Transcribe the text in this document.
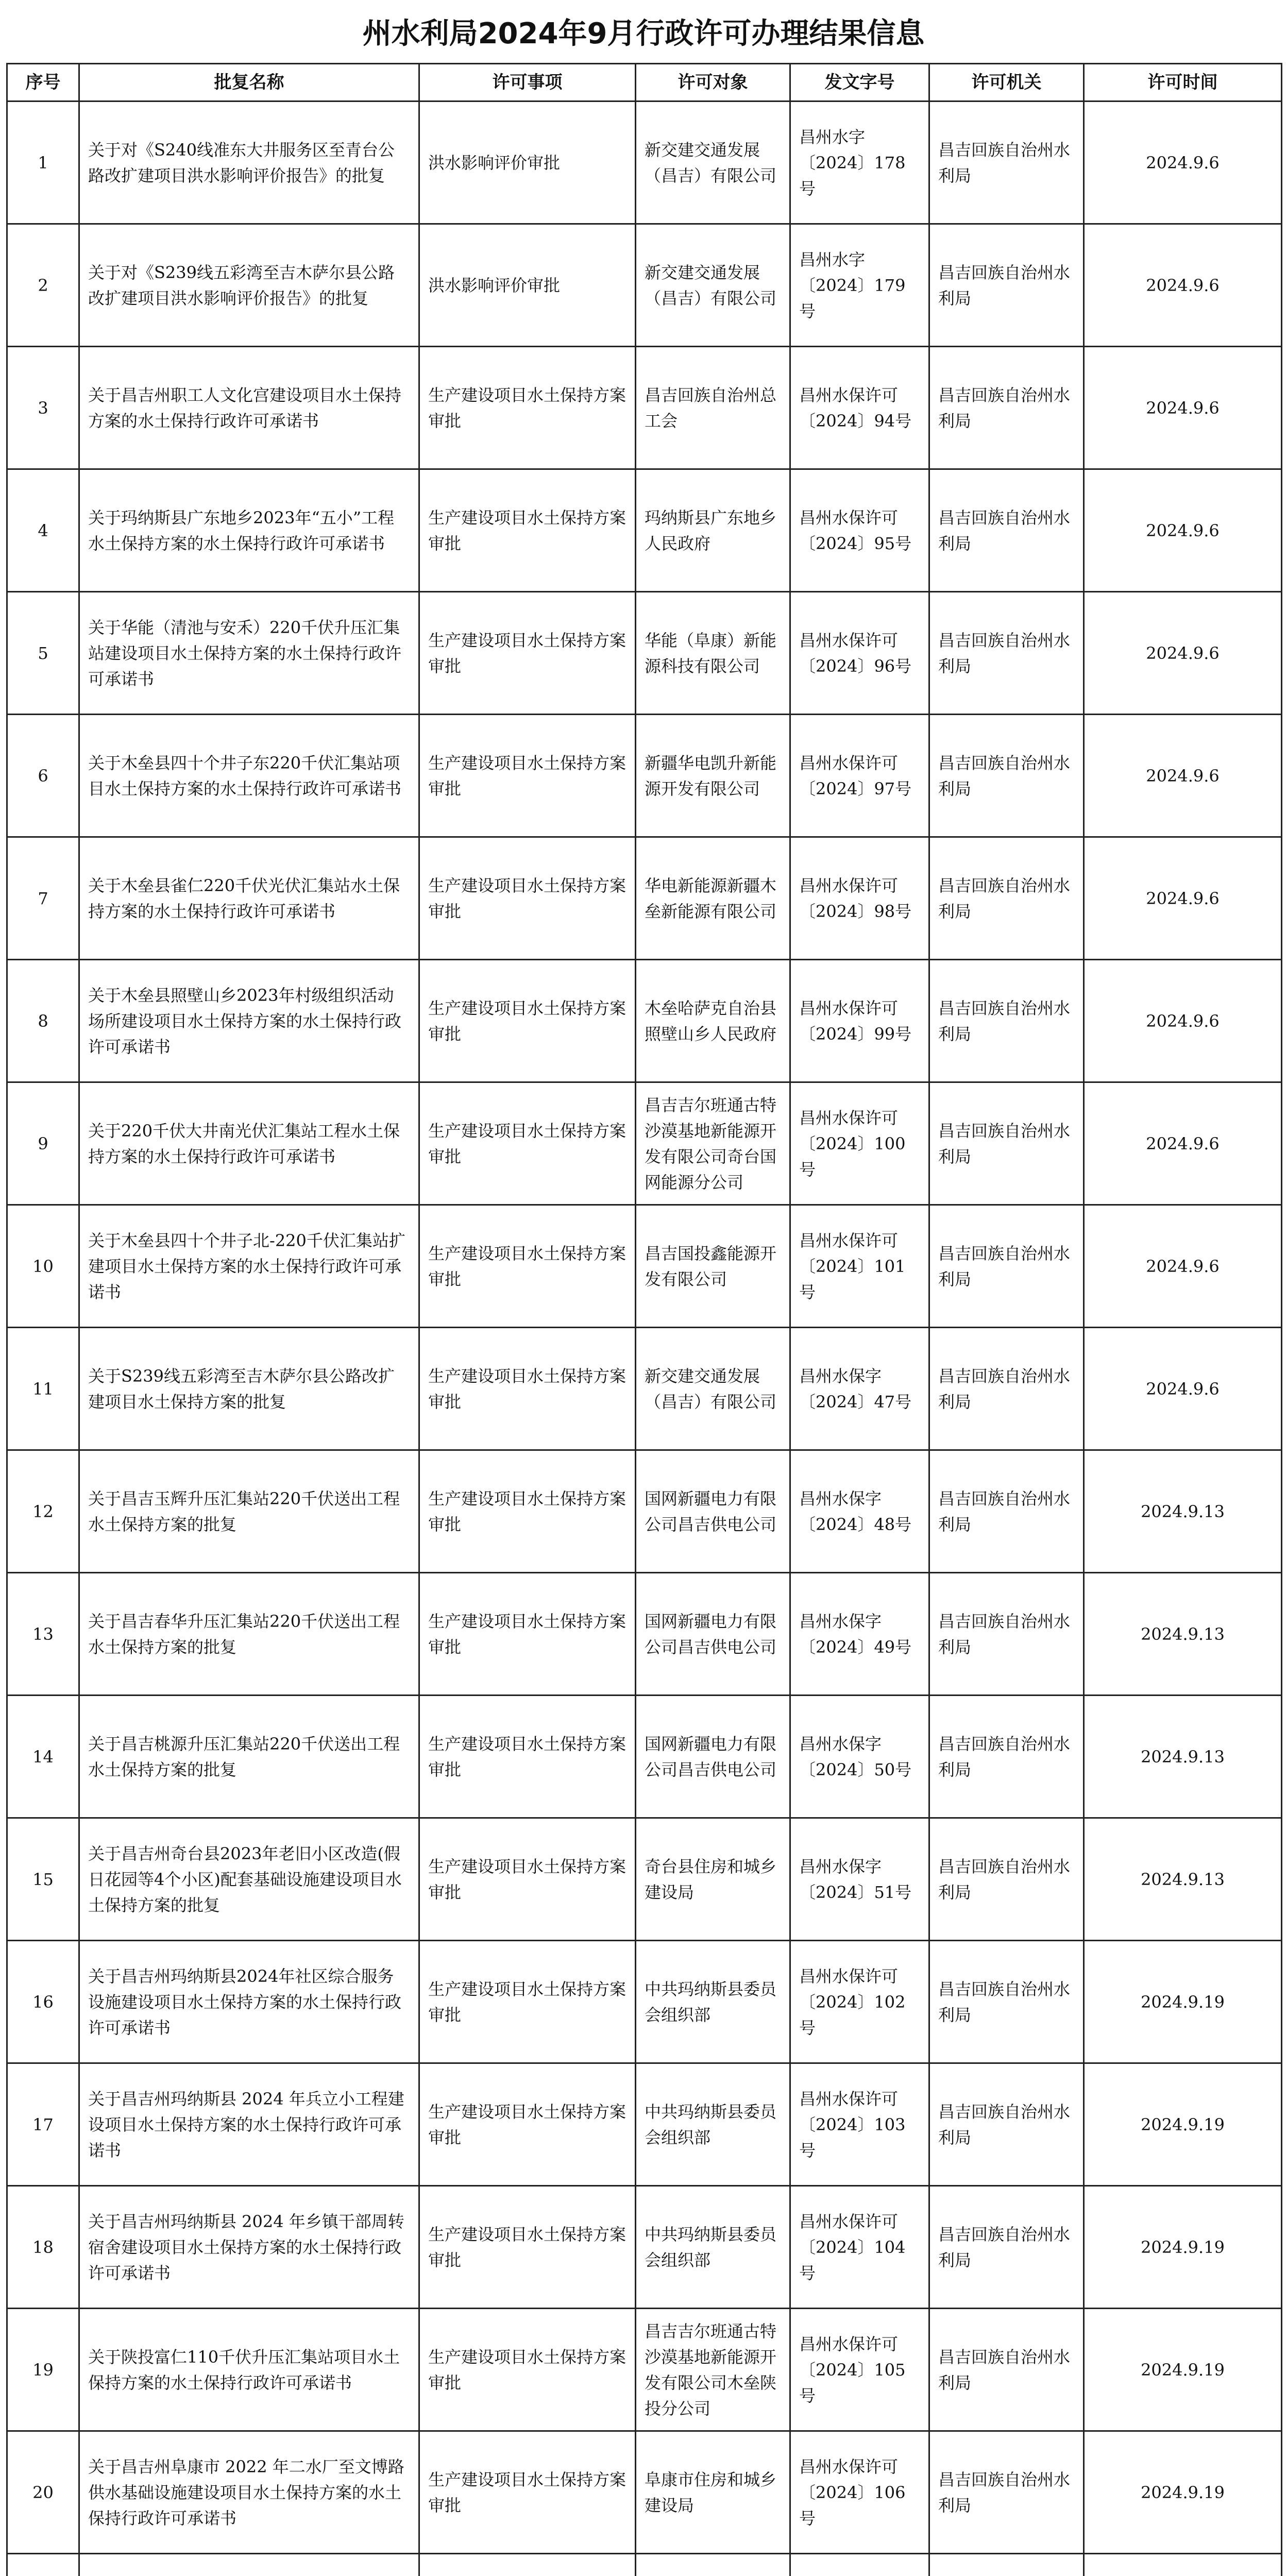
州水利局2024年9月行政许可办理结果信息
序号	批复名称	许可事项	许可对象	发文字号	许可机关	许可时间
1	关于对《S240线准东大井服务区至青台公路改扩建项目洪水影响评价报告》的批复	洪水影响评价审批	新交建交通发展（昌吉）有限公司	昌州水字〔2024〕178号	昌吉回族自治州水利局	2024.9.6
2	关于对《S239线五彩湾至吉木萨尔县公路改扩建项目洪水影响评价报告》的批复	洪水影响评价审批	新交建交通发展（昌吉）有限公司	昌州水字〔2024〕179号	昌吉回族自治州水利局	2024.9.6
3	关于昌吉州职工人文化宫建设项目水土保持方案的水土保持行政许可承诺书	生产建设项目水土保持方案审批	昌吉回族自治州总工会	昌州水保许可〔2024〕94号	昌吉回族自治州水利局	2024.9.6
4	关于玛纳斯县广东地乡2023年“五小”工程水土保持方案的水土保持行政许可承诺书	生产建设项目水土保持方案审批	玛纳斯县广东地乡人民政府	昌州水保许可〔2024〕95号	昌吉回族自治州水利局	2024.9.6
5	关于华能（清池与安禾）220千伏升压汇集站建设项目水土保持方案的水土保持行政许可承诺书	生产建设项目水土保持方案审批	华能（阜康）新能源科技有限公司	昌州水保许可〔2024〕96号	昌吉回族自治州水利局	2024.9.6
6	关于木垒县四十个井子东220千伏汇集站项目水土保持方案的水土保持行政许可承诺书	生产建设项目水土保持方案审批	新疆华电凯升新能源开发有限公司	昌州水保许可〔2024〕97号	昌吉回族自治州水利局	2024.9.6
7	关于木垒县雀仁220千伏光伏汇集站水土保持方案的水土保持行政许可承诺书	生产建设项目水土保持方案审批	华电新能源新疆木垒新能源有限公司	昌州水保许可〔2024〕98号	昌吉回族自治州水利局	2024.9.6
8	关于木垒县照壁山乡2023年村级组织活动场所建设项目水土保持方案的水土保持行政许可承诺书	生产建设项目水土保持方案审批	木垒哈萨克自治县照壁山乡人民政府	昌州水保许可〔2024〕99号	昌吉回族自治州水利局	2024.9.6
9	关于220千伏大井南光伏汇集站工程水土保持方案的水土保持行政许可承诺书	生产建设项目水土保持方案审批	昌吉吉尔班通古特沙漠基地新能源开发有限公司奇台国网能源分公司	昌州水保许可〔2024〕100号	昌吉回族自治州水利局	2024.9.6
10	关于木垒县四十个井子北-220千伏汇集站扩建项目水土保持方案的水土保持行政许可承诺书	生产建设项目水土保持方案审批	昌吉国投鑫能源开发有限公司	昌州水保许可〔2024〕101号	昌吉回族自治州水利局	2024.9.6
11	关于S239线五彩湾至吉木萨尔县公路改扩建项目水土保持方案的批复	生产建设项目水土保持方案审批	新交建交通发展（昌吉）有限公司	昌州水保字〔2024〕47号	昌吉回族自治州水利局	2024.9.6
12	关于昌吉玉辉升压汇集站220千伏送出工程水土保持方案的批复	生产建设项目水土保持方案审批	国网新疆电力有限公司昌吉供电公司	昌州水保字〔2024〕48号	昌吉回族自治州水利局	2024.9.13
13	关于昌吉春华升压汇集站220千伏送出工程水土保持方案的批复	生产建设项目水土保持方案审批	国网新疆电力有限公司昌吉供电公司	昌州水保字〔2024〕49号	昌吉回族自治州水利局	2024.9.13
14	关于昌吉桃源升压汇集站220千伏送出工程水土保持方案的批复	生产建设项目水土保持方案审批	国网新疆电力有限公司昌吉供电公司	昌州水保字〔2024〕50号	昌吉回族自治州水利局	2024.9.13
15	关于昌吉州奇台县2023年老旧小区改造(假日花园等4个小区)配套基础设施建设项目水土保持方案的批复	生产建设项目水土保持方案审批	奇台县住房和城乡建设局	昌州水保字〔2024〕51号	昌吉回族自治州水利局	2024.9.13
16	关于昌吉州玛纳斯县2024年社区综合服务设施建设项目水土保持方案的水土保持行政许可承诺书	生产建设项目水土保持方案审批	中共玛纳斯县委员会组织部	昌州水保许可〔2024〕102号	昌吉回族自治州水利局	2024.9.19
17	关于昌吉州玛纳斯县 2024 年兵立小工程建设项目水土保持方案的水土保持行政许可承诺书	生产建设项目水土保持方案审批	中共玛纳斯县委员会组织部	昌州水保许可〔2024〕103号	昌吉回族自治州水利局	2024.9.19
18	关于昌吉州玛纳斯县 2024 年乡镇干部周转宿舍建设项目水土保持方案的水土保持行政许可承诺书	生产建设项目水土保持方案审批	中共玛纳斯县委员会组织部	昌州水保许可〔2024〕104号	昌吉回族自治州水利局	2024.9.19
19	关于陕投富仁110千伏升压汇集站项目水土保持方案的水土保持行政许可承诺书	生产建设项目水土保持方案审批	昌吉吉尔班通古特沙漠基地新能源开发有限公司木垒陕投分公司	昌州水保许可〔2024〕105号	昌吉回族自治州水利局	2024.9.19
20	关于昌吉州阜康市 2022 年二水厂至文博路供水基础设施建设项目水土保持方案的水土保持行政许可承诺书	生产建设项目水土保持方案审批	阜康市住房和城乡建设局	昌州水保许可〔2024〕106号	昌吉回族自治州水利局	2024.9.19
